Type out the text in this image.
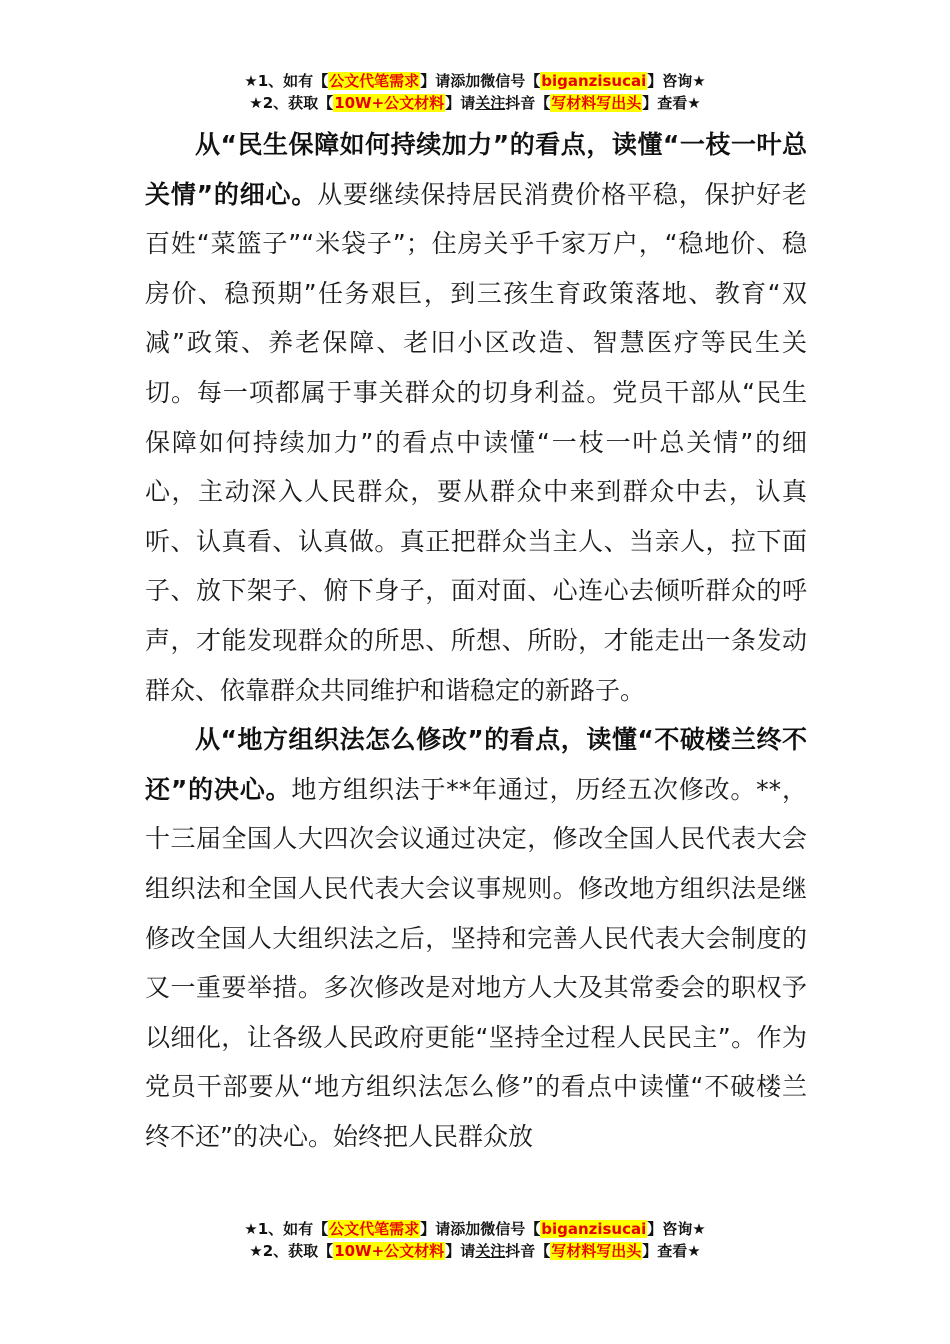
★1、如有【公文代笔需求】请添加微信号【biganzisucai】咨询★
★2、获取【10W+公文材料】请关注抖音【写材料写出头】查看★

从“民生保障如何持续加力”的看点，读懂“一枝一叶总关情”的细心。从要继续保持居民消费价格平稳，保护好老百姓“菜篮子”“米袋子”；住房关乎千家万户，“稳地价、稳房价、稳预期”任务艰巨，到三孩生育政策落地、教育“双减”政策、养老保障、老旧小区改造、智慧医疗等民生关切。每一项都属于事关群众的切身利益。党员干部从“民生保障如何持续加力”的看点中读懂“一枝一叶总关情”的细心，主动深入人民群众，要从群众中来到群众中去，认真听、认真看、认真做。真正把群众当主人、当亲人，拉下面子、放下架子、俯下身子，面对面、心连心去倾听群众的呼声，才能发现群众的所思、所想、所盼，才能走出一条发动群众、依靠群众共同维护和谐稳定的新路子。

从“地方组织法怎么修改”的看点，读懂“不破楼兰终不还”的决心。地方组织法于**年通过，历经五次修改。**，十三届全国人大四次会议通过决定，修改全国人民代表大会组织法和全国人民代表大会议事规则。修改地方组织法是继修改全国人大组织法之后，坚持和完善人民代表大会制度的又一重要举措。多次修改是对地方人大及其常委会的职权予以细化，让各级人民政府更能“坚持全过程人民民主”。作为党员干部要从“地方组织法怎么修”的看点中读懂“不破楼兰终不还”的决心。始终把人民群众放

★1、如有【公文代笔需求】请添加微信号【biganzisucai】咨询★
★2、获取【10W+公文材料】请关注抖音【写材料写出头】查看★
